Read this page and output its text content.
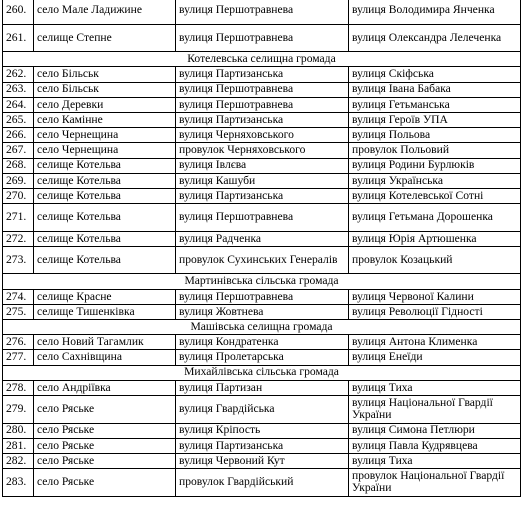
260.	село Мале Ладижине	вулиця Першотравнева	вулиця Володимира Янченка
261.	селище Степне	вулиця Першотравнева	вулиця Олександра Лелеченка
Котелевська селищна громада			
262.	село Більськ	вулиця Партизанська	вулиця Скіфська
263.	село Більськ	вулиця Першотравнева	вулиця Івана Бабака
264.	село Деревки	вулиця Першотравнева	вулиця Гетьманська
265.	село Камінне	вулиця Партизанська	вулиця Героїв УПА
266.	село Чернещина	вулиця Черняховського	вулиця Польова
267.	село Чернещина	провулок Черняховського	провулок Польовий
268.	селище Котельва	вулиця Івлєва	вулиця Родини Бурлюків
269.	селище Котельва	вулиця Кашуби	вулиця Українська
270.	селище Котельва	вулиця Партизанська	вулиця Котелевської Сотні
271.	селище Котельва	вулиця Першотравнева	вулиця Гетьмана Дорошенка
272.	селище Котельва	вулиця Радченка	вулиця Юрія Артюшенка
273.	селище Котельва	провулок Сухинських Генералів	провулок Козацький
Мартинівська сільська громада			
274.	селище Красне	вулиця Першотравнева	вулиця Червоної Калини
275.	селище Тишенківка	вулиця Жовтнева	вулиця Революції Гідності
Машівська селищна громада			
276.	село Новий Тагамлик	вулиця Кондратенка	вулиця Антона Клименка
277.	село Сахнівщина	вулиця Пролетарська	вулиця Енеїди
Михайлівська сільська громада			
278.	село Андріївка	вулиця Партизан	вулиця Тиха
279.	село Ряське	вулиця Гвардійська	вулиця Національної Гвардії України
280.	село Ряське	вулиця Кріпость	вулиця Симона Петлюри
281.	село Ряське	вулиця Партизанська	вулиця Павла Кудрявцева
282.	село Ряське	вулиця Червоний Кут	вулиця Тиха
283.	село Ряське	провулок Гвардійський	провулок Національної Гвардії України
